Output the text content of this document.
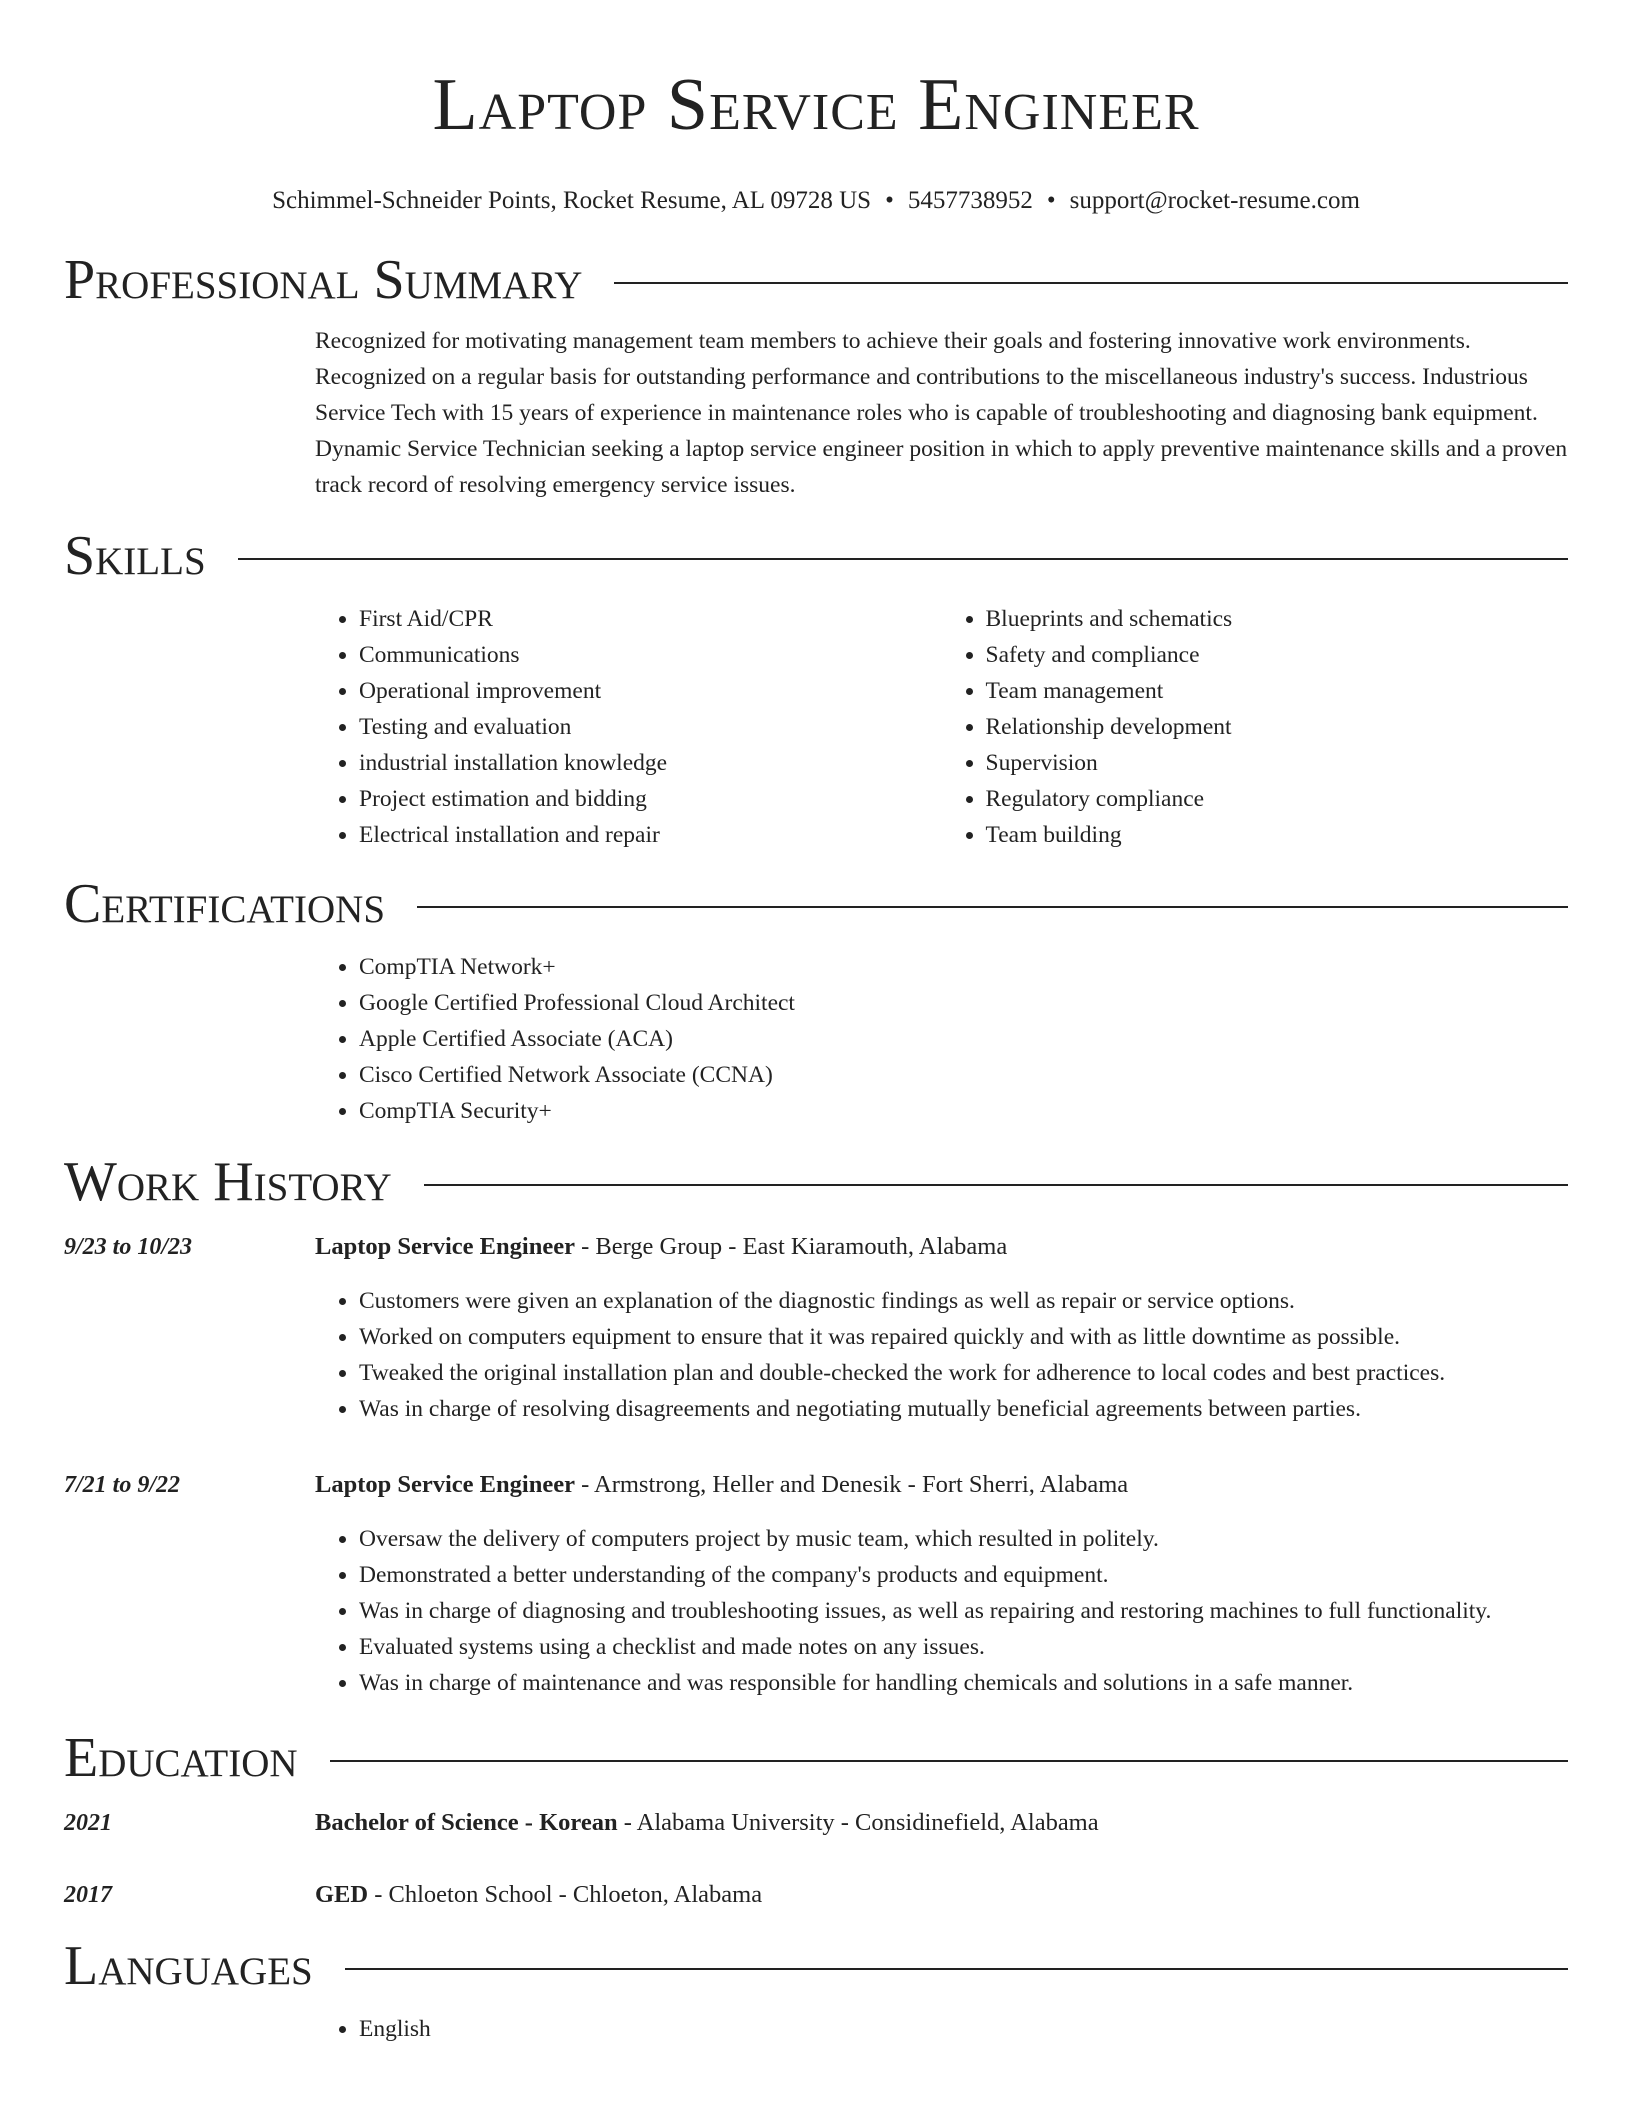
Laptop Service Engineer
Schimmel-Schneider Points, Rocket Resume, AL 09728 US • 5457738952 • support@rocket-resume.com
Professional Summary

Recognized for motivating management team members to achieve their goals and fostering innovative work environments. Recognized on a regular basis for outstanding performance and contributions to the miscellaneous industry's success. Industrious Service Tech with 15 years of experience in maintenance roles who is capable of troubleshooting and diagnosing bank equipment. Dynamic Service Technician seeking a laptop service engineer position in which to apply preventive maintenance skills and a proven track record of resolving emergency service issues.

Skills
• First Aid/CPR
• Communications
• Operational improvement
• Testing and evaluation
• industrial installation knowledge
• Project estimation and bidding
• Electrical installation and repair
• Blueprints and schematics
• Safety and compliance
• Team management
• Relationship development
• Supervision
• Regulatory compliance
• Team building
Certifications
• CompTIA Network+
• Google Certified Professional Cloud Architect
• Apple Certified Associate (ACA)
• Cisco Certified Network Associate (CCNA)
• CompTIA Security+
Work History
9/23 to 10/23	Laptop Service Engineer - Berge Group - East Kiaramouth, Alabama
• Customers were given an explanation of the diagnostic findings as well as repair or service options.
• Worked on computers equipment to ensure that it was repaired quickly and with as little downtime as possible.
• Tweaked the original installation plan and double-checked the work for adherence to local codes and best practices.
• Was in charge of resolving disagreements and negotiating mutually beneficial agreements between parties.
7/21 to 9/22	Laptop Service Engineer - Armstrong, Heller and Denesik - Fort Sherri, Alabama
• Oversaw the delivery of computers project by music team, which resulted in politely.
• Demonstrated a better understanding of the company's products and equipment.
• Was in charge of diagnosing and troubleshooting issues, as well as repairing and restoring machines to full functionality.
• Evaluated systems using a checklist and made notes on any issues.
• Was in charge of maintenance and was responsible for handling chemicals and solutions in a safe manner.
Education
2021	Bachelor of Science - Korean - Alabama University - Considinefield, Alabama
2017	GED - Chloeton School - Chloeton, Alabama
Languages
• English
